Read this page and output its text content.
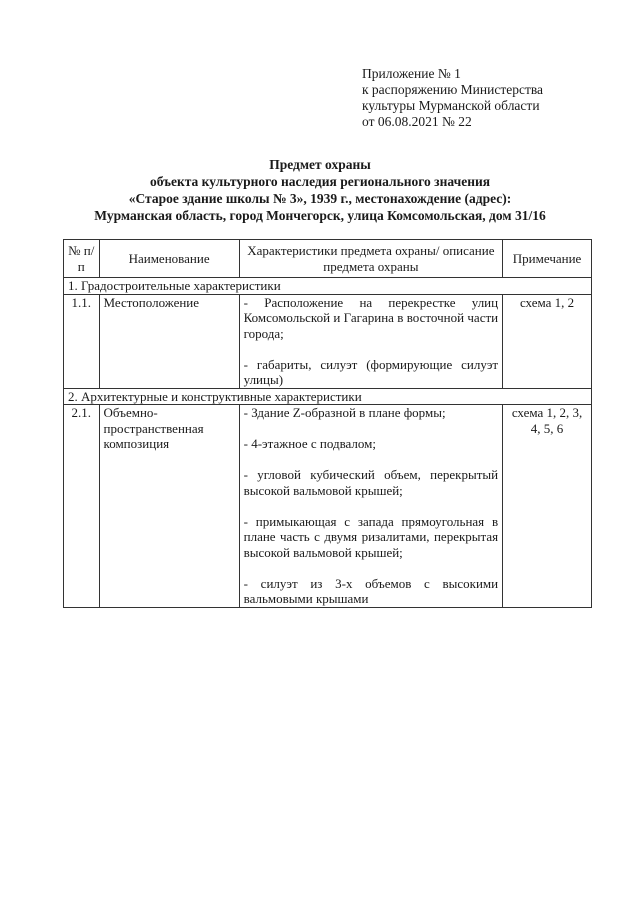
Приложение № 1
к распоряжению Министерства
культуры Мурманской области
от 06.08.2021 № 22
Предмет охраны
объекта культурного наследия регионального значения
«Старое здание школы № 3», 1939 г., местонахождение (адрес):
Мурманская область, город Мончегорск, улица Комсомольская, дом 31/16
№ п/п	Наименование	Характеристики предмета охраны/ описание предмета охраны	Примечание
1. Градостроительные характеристики			
1.1.	Местоположение	- Расположение на перекрестке улиц Комсомольской и Гагарина в восточной части города;

- габариты, силуэт (формирующие силуэт улицы)	схема 1, 2
2. Архитектурные и конструктивные характеристики			
2.1.	Объемно-пространственная композиция	- Здание Z-образной в плане формы;

- 4-этажное с подвалом;

- угловой кубический объем, перекрытый высокой вальмовой крышей;

- примыкающая с запада прямоугольная в плане часть с двумя ризалитами, перекрытая высокой вальмовой крышей;

- силуэт из 3-х объемов с высокими вальмовыми крышами	схема 1, 2, 3, 4, 5, 6
